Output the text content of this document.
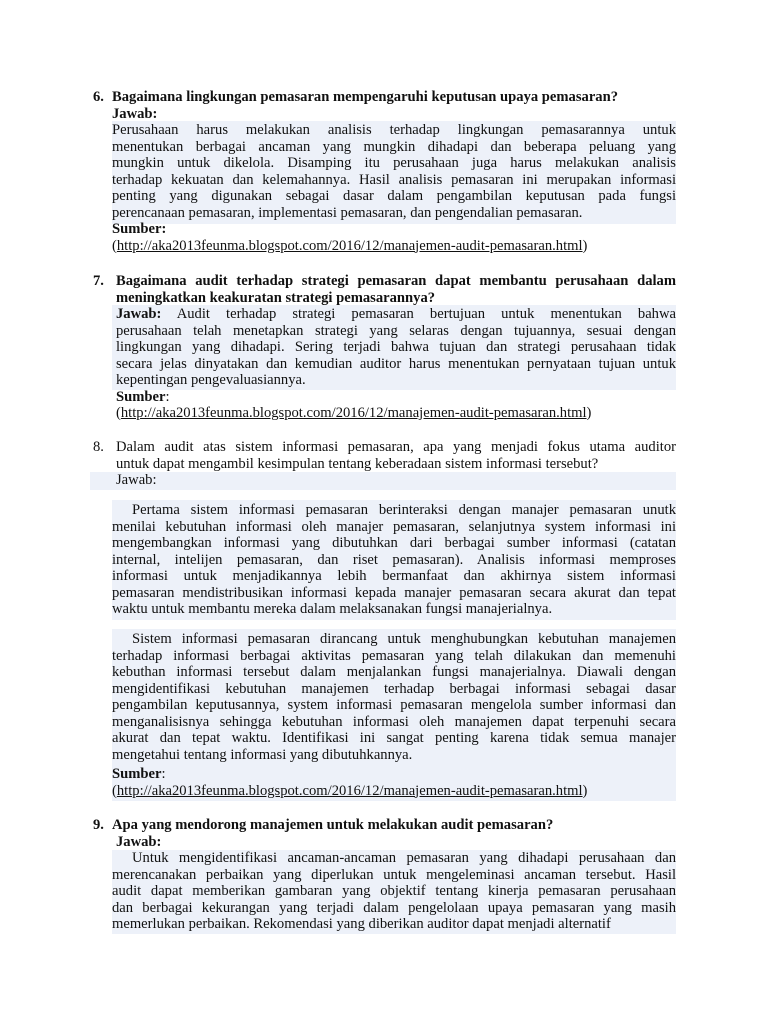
6. Bagaimana lingkungan pemasaran mempengaruhi keputusan upaya pemasaran?
Jawab:
Perusahaan harus melakukan analisis terhadap lingkungan pemasarannya untuk
menentukan berbagai ancaman yang mungkin dihadapi dan beberapa peluang yang
mungkin untuk dikelola. Disamping itu perusahaan juga harus melakukan analisis
terhadap kekuatan dan kelemahannya. Hasil analisis pemasaran ini merupakan informasi
penting yang digunakan sebagai dasar dalam pengambilan keputusan pada fungsi
perencanaan pemasaran, implementasi pemasaran, dan pengendalian pemasaran.
Sumber:
(http://aka2013feunma.blogspot.com/2016/12/manajemen-audit-pemasaran.html)
7. Bagaimana audit terhadap strategi pemasaran dapat membantu perusahaan dalam
meningkatkan keakuratan strategi pemasarannya?
Jawab: Audit terhadap strategi pemasaran bertujuan untuk menentukan bahwa
perusahaan telah menetapkan strategi yang selaras dengan tujuannya, sesuai dengan
lingkungan yang dihadapi. Sering terjadi bahwa tujuan dan strategi perusahaan tidak
secara jelas dinyatakan dan kemudian auditor harus menentukan pernyataan tujuan untuk
kepentingan pengevaluasiannya.
Sumber:
(http://aka2013feunma.blogspot.com/2016/12/manajemen-audit-pemasaran.html)
8. Dalam audit atas sistem informasi pemasaran, apa yang menjadi fokus utama auditor
untuk dapat mengambil kesimpulan tentang keberadaan sistem informasi tersebut?
Jawab:
Pertama sistem informasi pemasaran berinteraksi dengan manajer pemasaran unutk
menilai kebutuhan informasi oleh manajer pemasaran, selanjutnya system informasi ini
mengembangkan informasi yang dibutuhkan dari berbagai sumber informasi (catatan
internal, intelijen pemasaran, dan riset pemasaran). Analisis informasi memproses
informasi untuk menjadikannya lebih bermanfaat dan akhirnya sistem informasi
pemasaran mendistribusikan informasi kepada manajer pemasaran secara akurat dan tepat
waktu untuk membantu mereka dalam melaksanakan fungsi manajerialnya.
Sistem informasi pemasaran dirancang untuk menghubungkan kebutuhan manajemen
terhadap informasi berbagai aktivitas pemasaran yang telah dilakukan dan memenuhi
kebuthan informasi tersebut dalam menjalankan fungsi manajerialnya. Diawali dengan
mengidentifikasi kebutuhan manajemen terhadap berbagai informasi sebagai dasar
pengambilan keputusannya, system informasi pemasaran mengelola sumber informasi dan
menganalisisnya sehingga kebutuhan informasi oleh manajemen dapat terpenuhi secara
akurat dan tepat waktu. Identifikasi ini sangat penting karena tidak semua manajer
mengetahui tentang informasi yang dibutuhkannya.
Sumber:
(http://aka2013feunma.blogspot.com/2016/12/manajemen-audit-pemasaran.html)
9. Apa yang mendorong manajemen untuk melakukan audit pemasaran?
Jawab:
Untuk mengidentifikasi ancaman-ancaman pemasaran yang dihadapi perusahaan dan
merencanakan perbaikan yang diperlukan untuk mengeleminasi ancaman tersebut. Hasil
audit dapat memberikan gambaran yang objektif tentang kinerja pemasaran perusahaan
dan berbagai kekurangan yang terjadi dalam pengelolaan upaya pemasaran yang masih
memerlukan perbaikan. Rekomendasi yang diberikan auditor dapat menjadi alternatif
